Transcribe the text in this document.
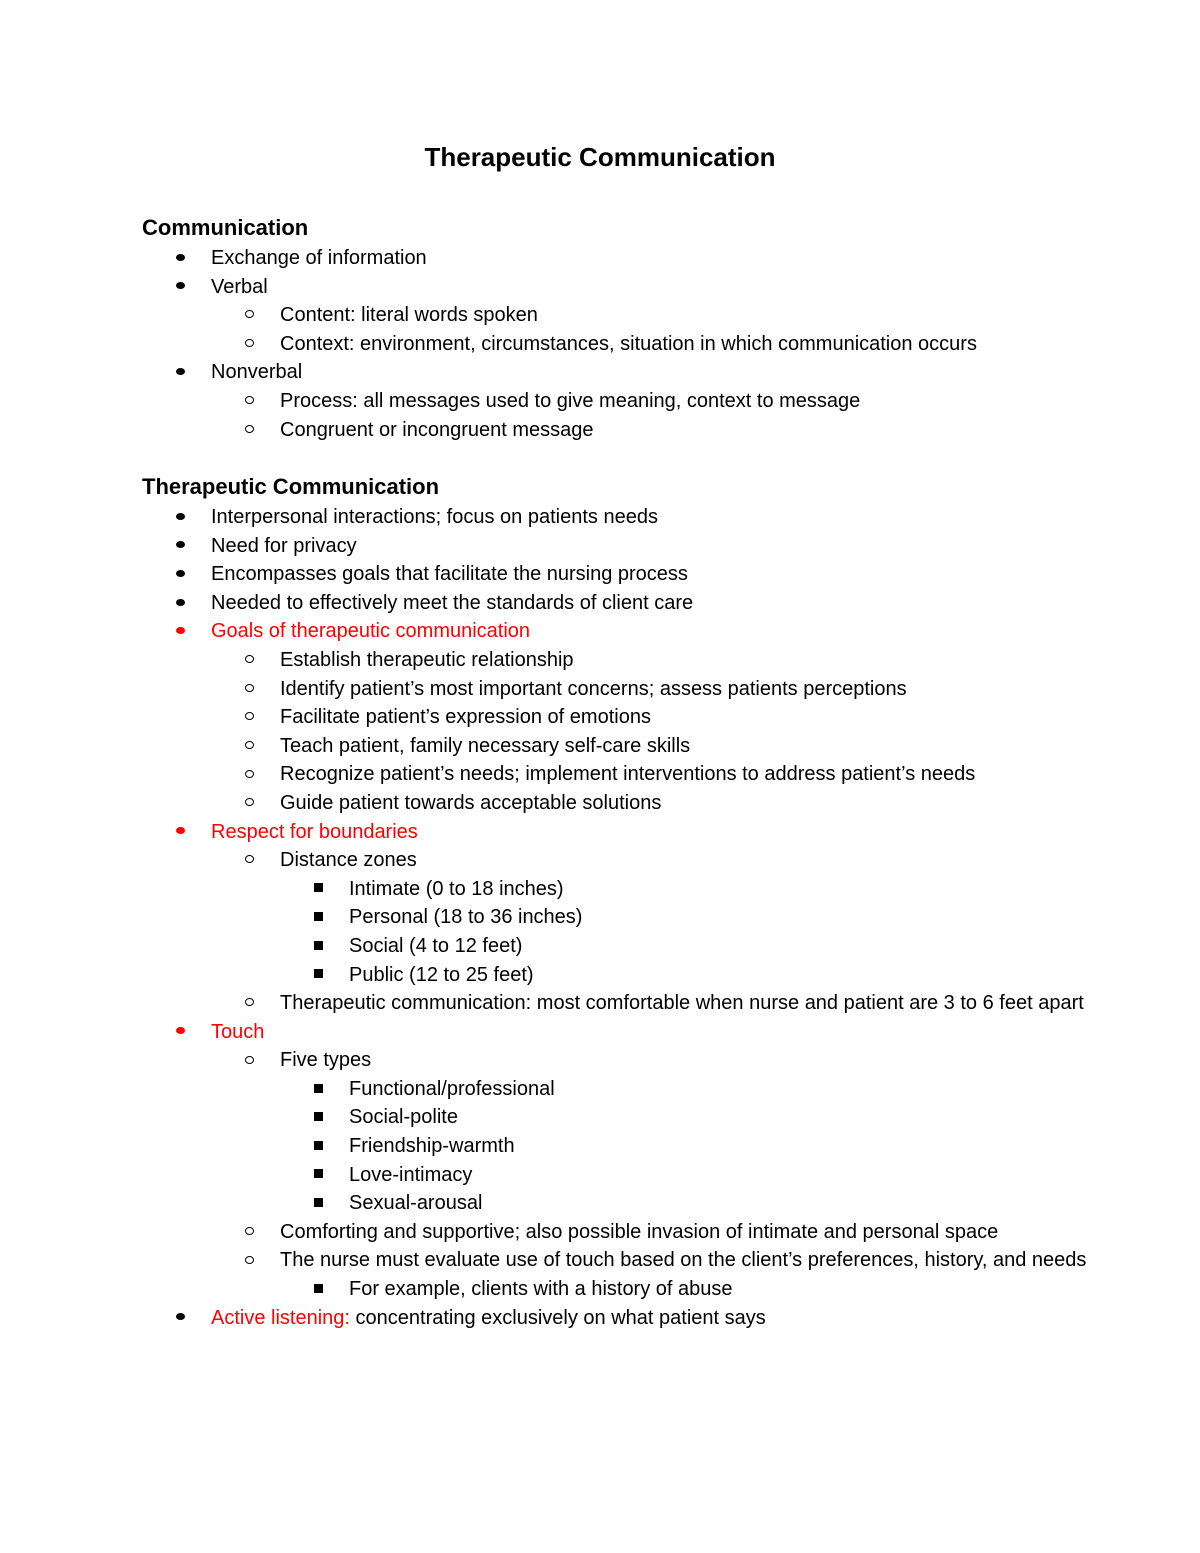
Therapeutic Communication
Communication
Exchange of information
Verbal
Content: literal words spoken
Context: environment, circumstances, situation in which communication occurs
Nonverbal
Process: all messages used to give meaning, context to message
Congruent or incongruent message
Therapeutic Communication
Interpersonal interactions; focus on patients needs
Need for privacy
Encompasses goals that facilitate the nursing process
Needed to effectively meet the standards of client care
Goals of therapeutic communication
Establish therapeutic relationship
Identify patient’s most important concerns; assess patients perceptions
Facilitate patient’s expression of emotions
Teach patient, family necessary self-care skills
Recognize patient’s needs; implement interventions to address patient’s needs
Guide patient towards acceptable solutions
Respect for boundaries
Distance zones
Intimate (0 to 18 inches)
Personal (18 to 36 inches)
Social (4 to 12 feet)
Public (12 to 25 feet)
Therapeutic communication: most comfortable when nurse and patient are 3 to 6 feet apart
Touch
Five types
Functional/professional
Social-polite
Friendship-warmth
Love-intimacy
Sexual-arousal
Comforting and supportive; also possible invasion of intimate and personal space
The nurse must evaluate use of touch based on the client’s preferences, history, and needs
For example, clients with a history of abuse
Active listening: concentrating exclusively on what patient says
